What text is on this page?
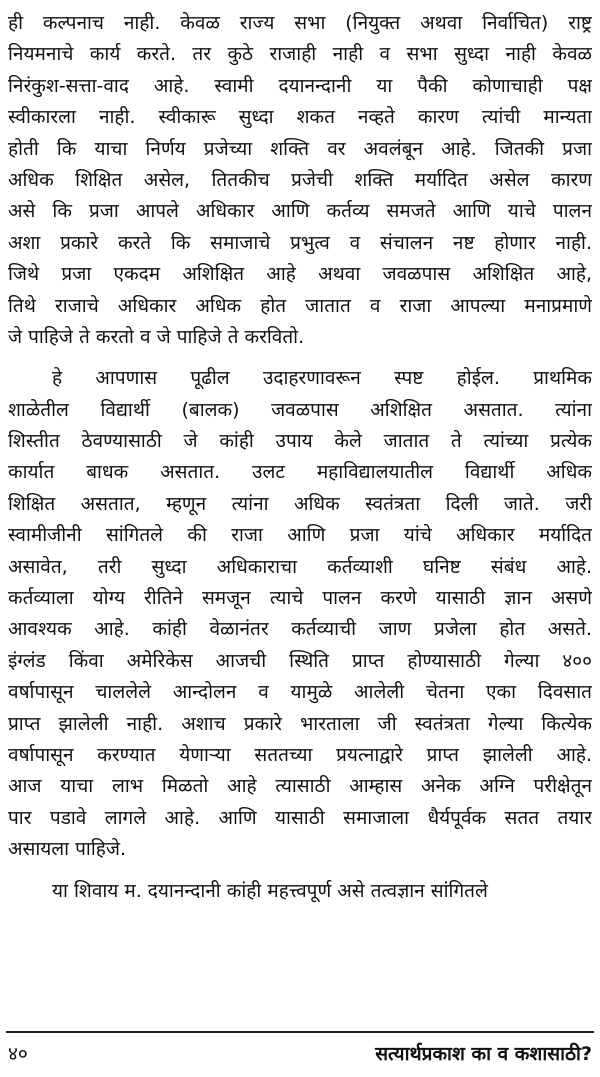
ही कल्पनाच नाही. केवळ राज्य सभा (नियुक्त अथवा निर्वाचित) राष्ट्र
नियमनाचे कार्य करते. तर कुठे राजाही नाही व सभा सुध्दा नाही केवळ
निरंकुश-सत्ता-वाद आहे. स्वामी दयानन्दानी या पैकी कोणाचाही पक्ष
स्वीकारला नाही. स्वीकारू सुध्दा शकत नव्हते कारण त्यांची मान्यता
होती कि याचा निर्णय प्रजेच्या शक्ति वर अवलंबून आहे. जितकी प्रजा
अधिक शिक्षित असेल, तितकीच प्रजेची शक्ति मर्यादित असेल कारण
असे कि प्रजा आपले अधिकार आणि कर्तव्य समजते आणि याचे पालन
अशा प्रकारे करते कि समाजाचे प्रभुत्व व संचालन नष्ट होणार नाही.
जिथे प्रजा एकदम अशिक्षित आहे अथवा जवळपास अशिक्षित आहे,
तिथे राजाचे अधिकार अधिक होत जातात व राजा आपल्या मनाप्रमाणे
जे पाहिजे ते करतो व जे पाहिजे ते करवितो.
हे आपणास पूढील उदाहरणावरून स्पष्ट होईल. प्राथमिक
शाळेतील विद्यार्थी (बालक) जवळपास अशिक्षित असतात. त्यांना
शिस्तीत ठेवण्यासाठी जे कांही उपाय केले जातात ते त्यांच्या प्रत्येक
कार्यात बाधक असतात. उलट महाविद्यालयातील विद्यार्थी अधिक
शिक्षित असतात, म्हणून त्यांना अधिक स्वतंत्रता दिली जाते. जरी
स्वामीजीनी सांगितले की राजा आणि प्रजा यांचे अधिकार मर्यादित
असावेत, तरी सुध्दा अधिकाराचा कर्तव्याशी घनिष्ट संबंध आहे.
कर्तव्याला योग्य रीतिने समजून त्याचे पालन करणे यासाठी ज्ञान असणे
आवश्यक आहे. कांही वेळानंतर कर्तव्याची जाण प्रजेला होत असते.
इंग्लंड किंवा अमेरिकेस आजची स्थिति प्राप्त होण्यासाठी गेल्या ४००
वर्षापासून चाललेले आन्दोलन व यामुळे आलेली चेतना एका दिवसात
प्राप्त झालेली नाही. अशाच प्रकारे भारताला जी स्वतंत्रता गेल्या कित्येक
वर्षापासून करण्यात येणाऱ्या सततच्या प्रयत्नाद्वारे प्राप्त झालेली आहे.
आज याचा लाभ मिळतो आहे त्यासाठी आम्हास अनेक अग्नि परीक्षेतून
पार पडावे लागले आहे. आणि यासाठी समाजाला धैर्यपूर्वक सतत तयार
असायला पाहिजे.
या शिवाय म. दयानन्दानी कांही महत्त्वपूर्ण असे तत्वज्ञान सांगितले
४०	सत्यार्थप्रकाश का व कशासाठी?
